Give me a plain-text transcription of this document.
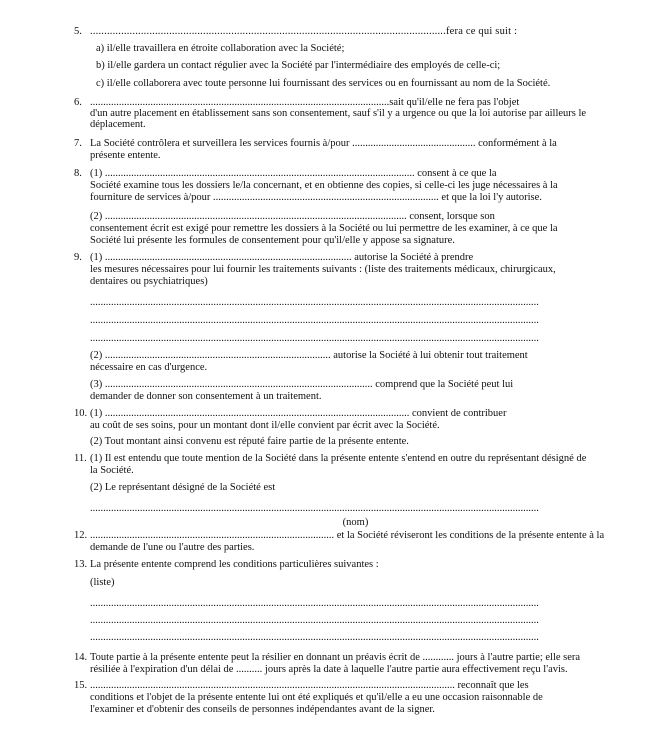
5. ..............................................................................................................................fera ce qui suit :
a) il/elle travaillera en étroite collaboration avec la Société;
b) il/elle gardera un contact régulier avec la Société par l'intermédiaire des employés de celle-ci;
c) il/elle collaborera avec toute personne lui fournissant des services ou en fournissant au nom de la Société.
6. ..................................................................................................................sait qu'il/elle ne fera pas l'objet
d'un autre placement en établissement sans son consentement, sauf s'il y a urgence ou que la loi autorise par ailleurs le
déplacement.
7. La Société contrôlera et surveillera les services fournis à/pour ............................................... conformément à la
présente entente.
8. (1) ...................................................................................................................... consent à ce que la
Société examine tous les dossiers le/la concernant, et en obtienne des copies, si celle-ci les juge nécessaires à la
fourniture de services à/pour ...................................................................................... et que la loi l'y autorise.
(2) ................................................................................................................... consent, lorsque son
consentement écrit est exigé pour remettre les dossiers à la Société ou lui permettre de les examiner, à ce que la
Société lui présente les formules de consentement pour qu'il/elle y appose sa signature.
9. (1) .............................................................................................. autorise la Société à prendre
les mesures nécessaires pour lui fournir les traitements suivants : (liste des traitements médicaux, chirurgicaux,
dentaires ou psychiatriques)
...........................................................................................................................................................................
...........................................................................................................................................................................
...........................................................................................................................................................................
(2) ...................................................................................... autorise la Société à lui obtenir tout traitement
nécessaire en cas d'urgence.
(3) ...................................................................................................... comprend que la Société peut lui
demander de donner son consentement à un traitement.
10. (1) .................................................................................................................... convient de contribuer
au coût de ses soins, pour un montant dont il/elle convient par écrit avec la Société.
(2) Tout montant ainsi convenu est réputé faire partie de la présente entente.
11. (1) Il est entendu que toute mention de la Société dans la présente entente s'entend en outre du représentant désigné de
la Société.
(2) Le représentant désigné de la Société est
...........................................................................................................................................................................
(nom)
12. ............................................................................................. et la Société réviseront les conditions de la présente entente à la
demande de l'une ou l'autre des parties.
13. La présente entente comprend les conditions particulières suivantes :
(liste)
...........................................................................................................................................................................
...........................................................................................................................................................................
...........................................................................................................................................................................
14. Toute partie à la présente entente peut la résilier en donnant un préavis écrit de ............ jours à l'autre partie; elle sera
résiliée à l'expiration d'un délai de .......... jours après la date à laquelle l'autre partie aura effectivement reçu l'avis.
15. ........................................................................................................................................... reconnaît que les
conditions et l'objet de la présente entente lui ont été expliqués et qu'il/elle a eu une occasion raisonnable de
l'examiner et d'obtenir des conseils de personnes indépendantes avant de la signer.
